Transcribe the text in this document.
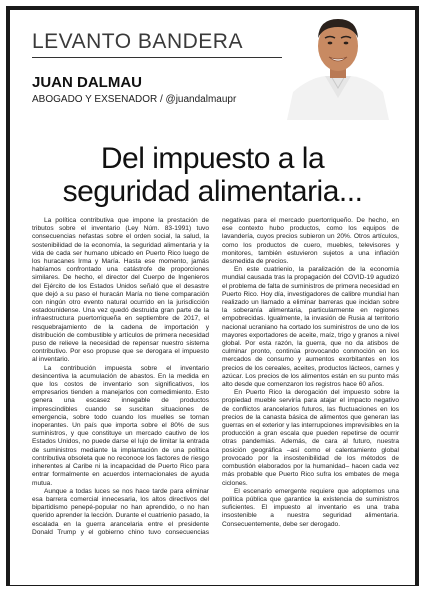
LEVANTO BANDERA
JUAN DALMAU
ABOGADO Y EXSENADOR / @juandalmaupr
Del impuesto a la
seguridad alimentaria...

La política contributiva que impone la prestación de tributos sobre el inventario (Ley Núm. 83-1991) tuvo consecuencias nefastas sobre el orden social, la salud, la sostenibilidad de la economía, la seguridad alimentaria y la vida de cada ser humano ubicado en Puerto Rico luego de los huracanes Irma y María. Hasta ese momento, jamás habíamos confrontado una catástrofe de proporciones similares. De hecho, el director del Cuerpo de Ingenieros del Ejército de los Estados Unidos señaló que el desastre que dejó a su paso el huracán María no tiene comparación con ningún otro evento natural ocurrido en la jurisdicción estadounidense. Una vez quedó destruida gran parte de la infraestructura puertorriqueña en septiembre de 2017, el resquebrajamiento de la cadena de importación y distribución de combustible y artículos de primera necesidad puso de relieve la necesidad de repensar nuestro sistema contributivo. Por eso propuse que se derogara el impuesto al inventario.

La contribución impuesta sobre el inventario desincentiva la acumulación de abastos. En la medida en que los costos de inventario son significativos, los empresarios tienden a manejarlos con comedimiento. Esto genera una escasez innegable de productos imprescindibles cuando se suscitan situaciones de emergencia, sobre todo cuando los muelles se tornan inoperantes. Un país que importa sobre el 80% de sus suministros, y que constituye un mercado cautivo de los Estados Unidos, no puede darse el lujo de limitar la entrada de suministros mediante la implantación de una política contributiva obsoleta que no reconoce los factores de riesgo inherentes al Caribe ni la incapacidad de Puerto Rico para entrar formalmente en acuerdos internacionales de ayuda mutua.

Aunque a todas luces se nos hace tarde para eliminar esa barrera comercial innecesaria, los altos directivos del bipartidismo penepé-popular no han aprendido, o no han querido aprender la lección. Durante el cuatrienio pasado, la escalada en la guerra arancelaria entre el presidente Donald Trump y el gobierno chino tuvo consecuencias negativas para el mercado puertorriqueño. De hecho, en ese contexto hubo productos, como los equipos de lavandería, cuyos precios subieron un 20%. Otros artículos, como los productos de cuero, muebles, televisores y monitores, también estuvieron sujetos a una inflación desmedida de precios.

En este cuatrienio, la paralización de la economía mundial causada tras la propagación del COVID-19 agudizó el problema de falta de suministros de primera necesidad en Puerto Rico. Hoy día, investigadores de calibre mundial han realizado un llamado a eliminar barreras que incidan sobre la soberanía alimentaria, particularmente en regiones empobrecidas. Igualmente, la invasión de Rusia al territorio nacional ucraniano ha cortado los suministros de uno de los mayores exportadores de aceite, maíz, trigo y granos a nivel global. Por esta razón, la guerra, que no da atisbos de culminar pronto, continúa provocando conmoción en los mercados de consumo y aumentos exorbitantes en los precios de los cereales, aceites, productos lácteos, carnes y azúcar. Los precios de los alimentos están en su punto más alto desde que comenzaron los registros hace 60 años.

En Puerto Rico la derogación del impuesto sobre la propiedad mueble serviría para atajar el impacto negativo de conflictos arancelarios futuros, las fluctuaciones en los precios de la canasta básica de alimentos que generan las guerras en el exterior y las interrupciones imprevisibles en la producción a gran escala que pueden repetirse de ocurrir otras pandemias. Además, de cara al futuro, nuestra posición geográfica –así como el calentamiento global provocado por la insostenibilidad de los métodos de combustión elaborados por la humanidad– hacen cada vez más probable que Puerto Rico sufra los embates de mega ciclones.

El escenario emergente requiere que adoptemos una política pública que garantice la existencia de suministros suficientes. El impuesto al inventario es una traba insostenible a nuestra seguridad alimentaria. Consecuentemente, debe ser derogado.
